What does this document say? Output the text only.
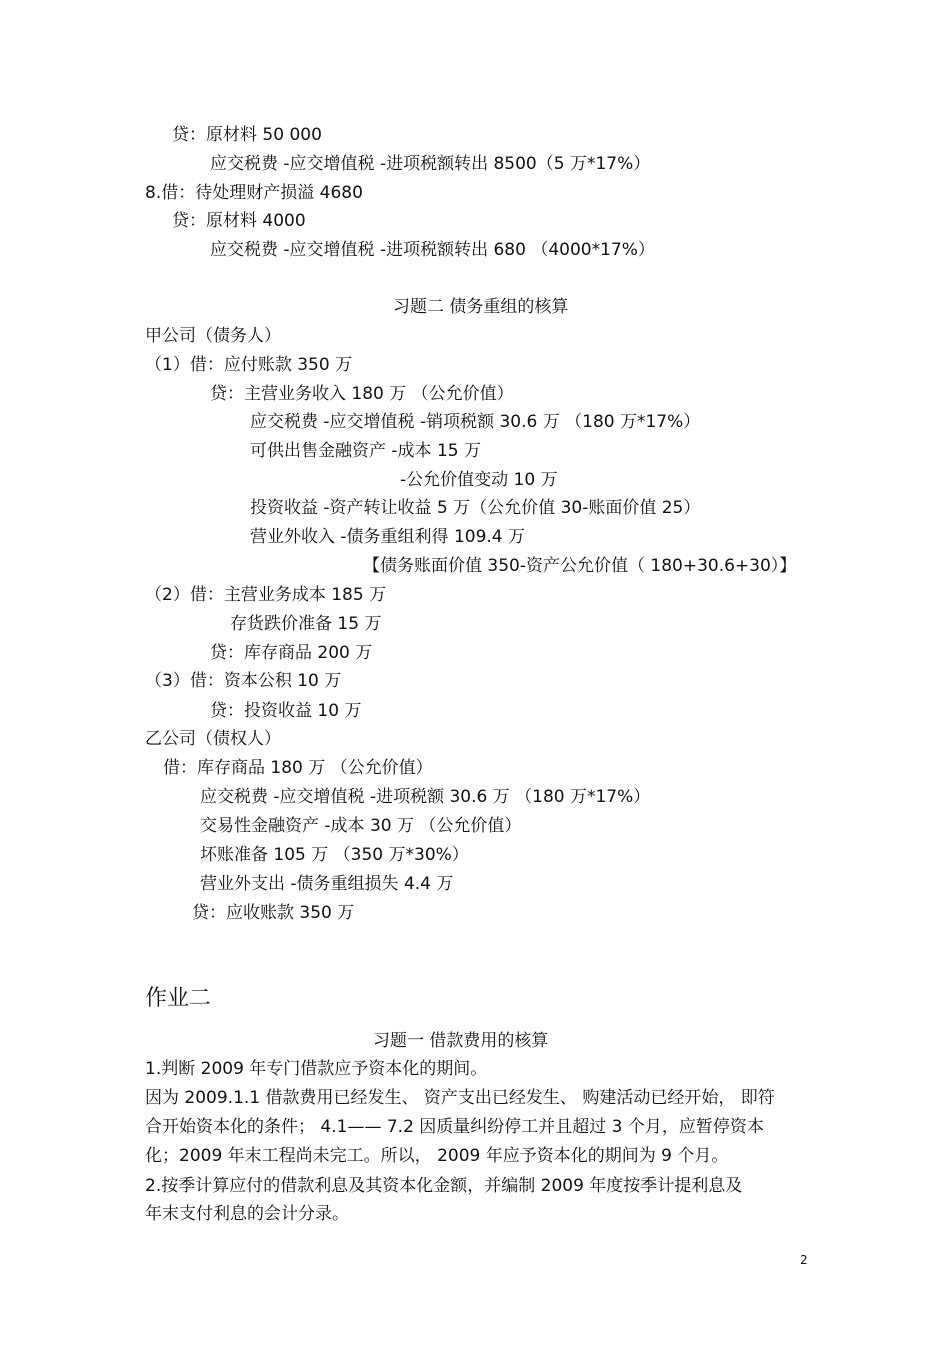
贷：原材料 50 000
应交税费 -应交增值税 -进项税额转出 8500（5 万*17%）
8.借：待处理财产损溢 4680
贷：原材料 4000
应交税费 -应交增值税 -进项税额转出 680 （4000*17%）
习题二 债务重组的核算
甲公司（债务人）
（1）借：应付账款 350 万
贷：主营业务收入 180 万 （公允价值）
应交税费 -应交增值税 -销项税额 30.6 万 （180 万*17%）
可供出售金融资产 -成本 15 万
-公允价值变动 10 万
投资收益 -资产转让收益 5 万（公允价值 30-账面价值 25）
营业外收入 -债务重组利得 109.4 万
【债务账面价值 350-资产公允价值（ 180+30.6+30）】
（2）借：主营业务成本 185 万
存货跌价准备 15 万
贷：库存商品 200 万
（3）借：资本公积 10 万
贷：投资收益 10 万
乙公司（债权人）
借：库存商品 180 万 （公允价值）
应交税费 -应交增值税 -进项税额 30.6 万 （180 万*17%）
交易性金融资产 -成本 30 万 （公允价值）
坏账准备 105 万 （350 万*30%）
营业外支出 -债务重组损失 4.4 万
贷：应收账款 350 万
作业二
习题一 借款费用的核算
1.判断 2009 年专门借款应予资本化的期间。
因为 2009.1.1 借款费用已经发生、 资产支出已经发生、 购建活动已经开始， 即符
合开始资本化的条件； 4.1—— 7.2 因质量纠纷停工并且超过 3 个月，应暂停资本
化；2009 年末工程尚未完工。所以， 2009 年应予资本化的期间为 9 个月。
2.按季计算应付的借款利息及其资本化金额，并编制 2009 年度按季计提利息及
年末支付利息的会计分录。
2
